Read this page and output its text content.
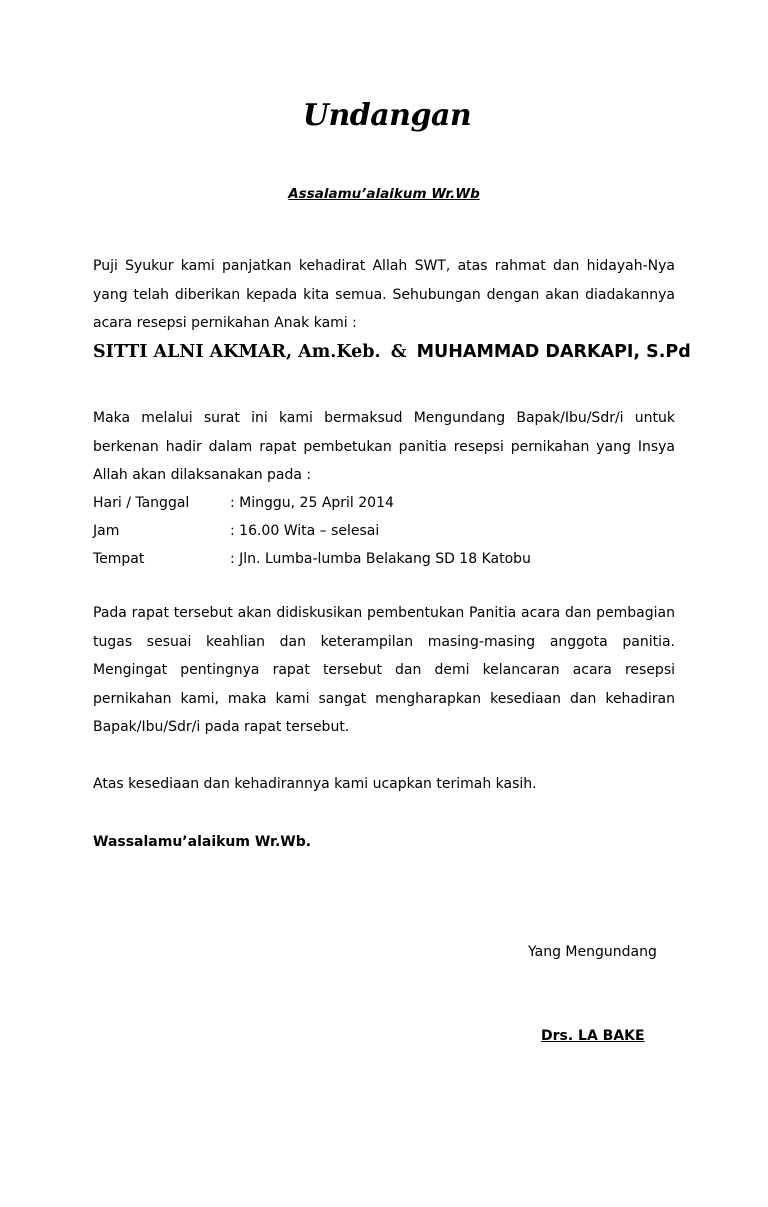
Undangan
Assalamu’alaikum Wr.Wb
Puji Syukur kami panjatkan kehadirat Allah SWT, atas rahmat dan hidayah-Nya yang telah diberikan kepada kita semua. Sehubungan dengan akan diadakannya acara resepsi pernikahan Anak kami :
SITTI ALNI AKMAR, Am.Keb. & MUHAMMAD DARKAPI, S.Pd
Maka melalui surat ini kami bermaksud Mengundang Bapak/Ibu/Sdr/i untuk
berkenan hadir dalam rapat pembetukan panitia resepsi pernikahan yang Insya
Allah akan dilaksanakan pada :
Hari / Tanggal	: Minggu, 25 April 2014
Jam	: 16.00 Wita – selesai
Tempat	: Jln. Lumba-lumba Belakang SD 18 Katobu
Pada rapat tersebut akan didiskusikan pembentukan Panitia acara dan pembagian tugas sesuai keahlian dan keterampilan masing-masing anggota panitia. Mengingat pentingnya rapat tersebut dan demi kelancaran acara resepsi pernikahan kami, maka kami sangat mengharapkan kesediaan dan kehadiran Bapak/Ibu/Sdr/i pada rapat tersebut.
Atas kesediaan dan kehadirannya kami ucapkan terimah kasih.
Wassalamu’alaikum Wr.Wb.
Yang Mengundang
Drs. LA BAKE
